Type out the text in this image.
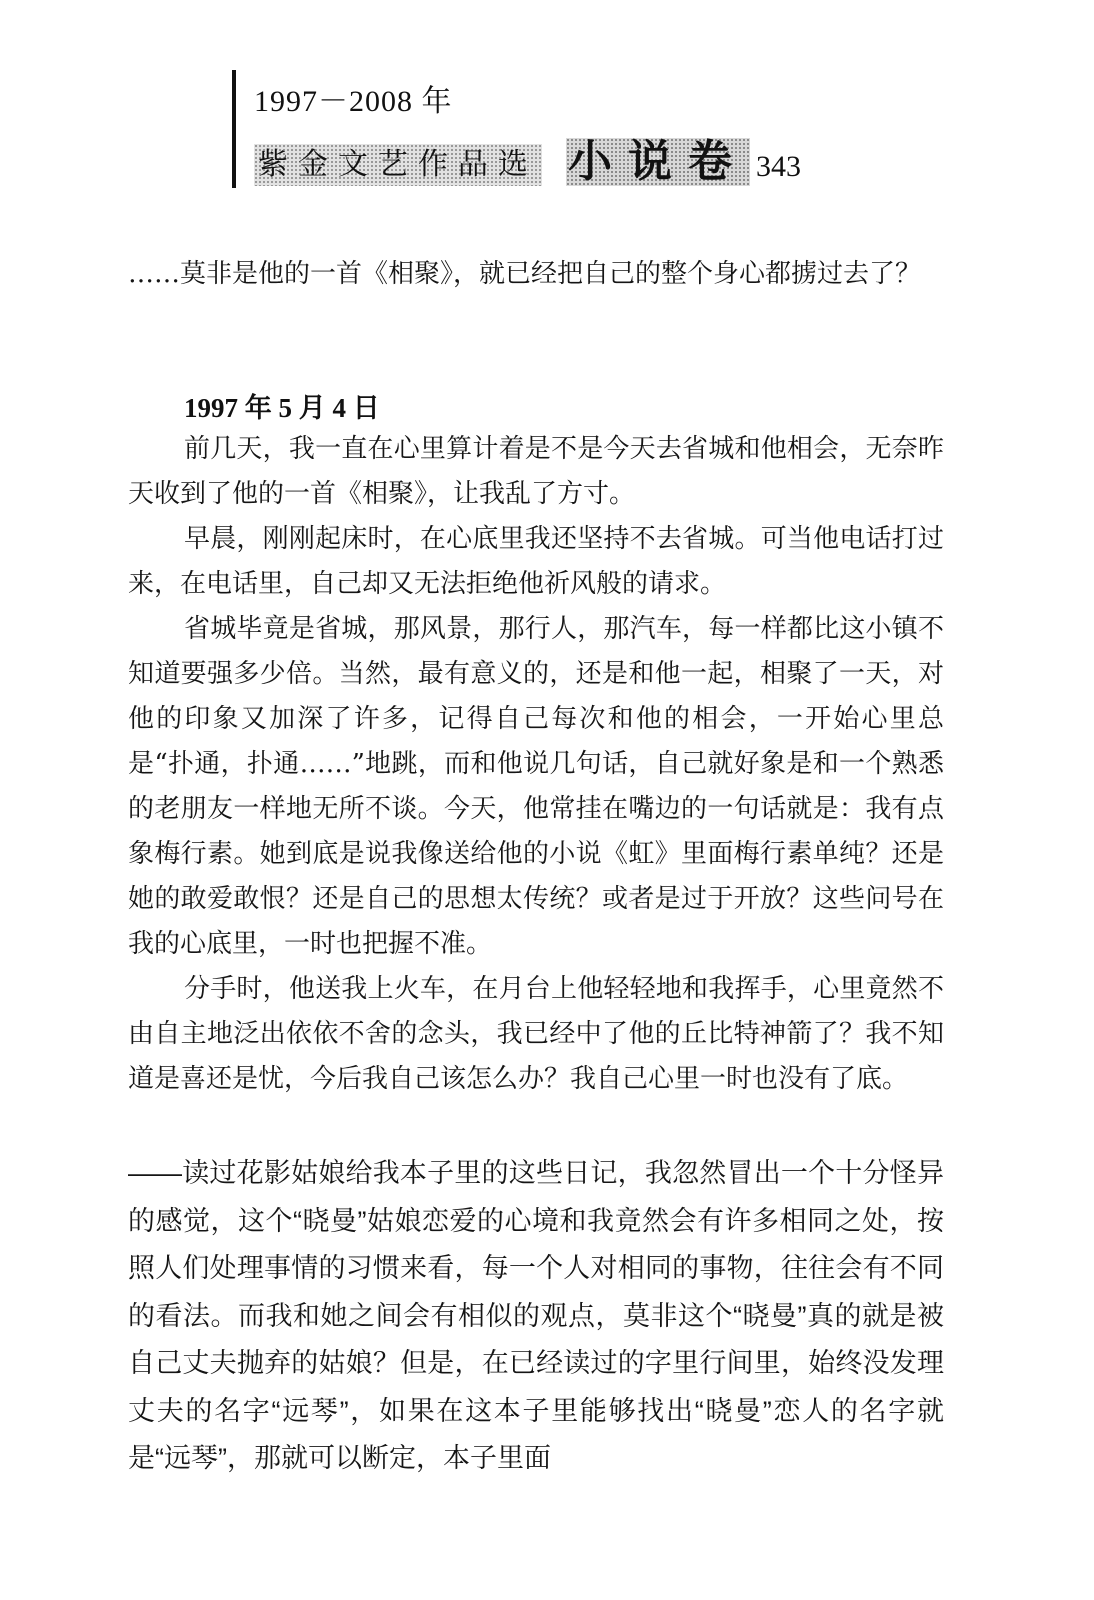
1997－2008 年
紫金文艺作品选 小说卷 343

……莫非是他的一首《相聚》，就已经把自己的整个身心都掳过去了？

1997 年 5 月 4 日

前几天，我一直在心里算计着是不是今天去省城和他相会，无奈昨天收到了他的一首《相聚》，让我乱了方寸。

早晨，刚刚起床时，在心底里我还坚持不去省城。可当他电话打过来，在电话里，自己却又无法拒绝他祈风般的请求。

省城毕竟是省城，那风景，那行人，那汽车，每一样都比这小镇不知道要强多少倍。当然，最有意义的，还是和他一起，相聚了一天，对他的印象又加深了许多，记得自己每次和他的相会，一开始心里总是“扑通，扑通……”地跳，而和他说几句话，自己就好象是和一个熟悉的老朋友一样地无所不谈。今天，他常挂在嘴边的一句话就是：我有点象梅行素。她到底是说我像送给他的小说《虹》里面梅行素单纯？还是她的敢爱敢恨？还是自己的思想太传统？或者是过于开放？这些问号在我的心底里，一时也把握不准。

分手时，他送我上火车，在月台上他轻轻地和我挥手，心里竟然不由自主地泛出依依不舍的念头，我已经中了他的丘比特神箭了？我不知道是喜还是忧，今后我自己该怎么办？我自己心里一时也没有了底。

——读过花影姑娘给我本子里的这些日记，我忽然冒出一个十分怪异的感觉，这个“晓曼”姑娘恋爱的心境和我竟然会有许多相同之处，按照人们处理事情的习惯来看，每一个人对相同的事物，往往会有不同的看法。而我和她之间会有相似的观点，莫非这个“晓曼”真的就是被自己丈夫抛弃的姑娘？但是，在已经读过的字里行间里，始终没发理丈夫的名字“远琴”，如果在这本子里能够找出“晓曼”恋人的名字就是“远琴”，那就可以断定，本子里面
